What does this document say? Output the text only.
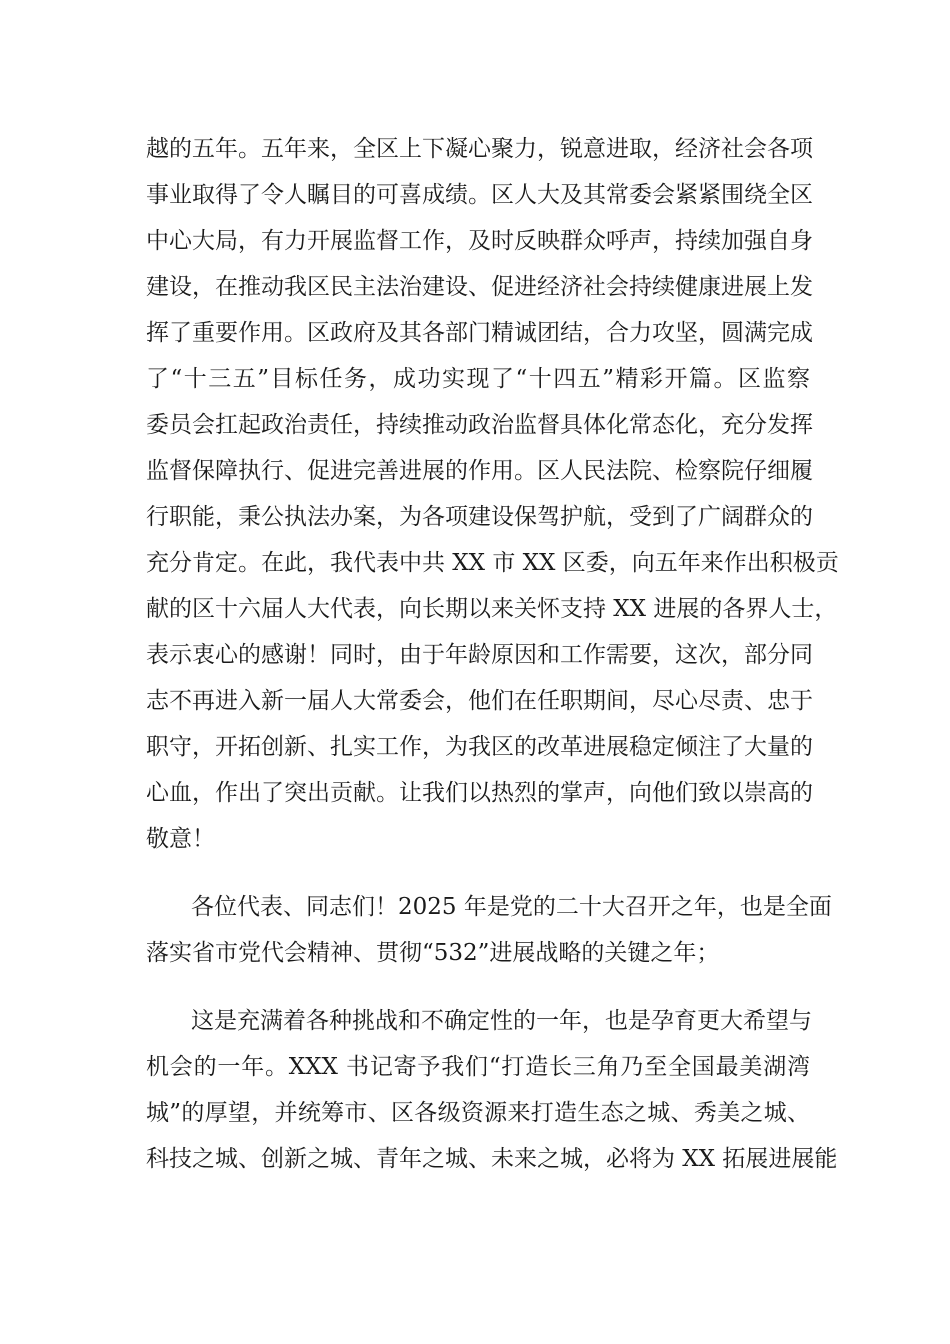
越的五年。五年来，全区上下凝心聚力，锐意进取，经济社会各项
事业取得了令人瞩目的可喜成绩。区人大及其常委会紧紧围绕全区
中心大局，有力开展监督工作，及时反映群众呼声，持续加强自身
建设，在推动我区民主法治建设、促进经济社会持续健康进展上发
挥了重要作用。区政府及其各部门精诚团结，合力攻坚，圆满完成
了“十三五”目标任务，成功实现了“十四五”精彩开篇。区监察
委员会扛起政治责任，持续推动政治监督具体化常态化，充分发挥
监督保障执行、促进完善进展的作用。区人民法院、检察院仔细履
行职能，秉公执法办案，为各项建设保驾护航，受到了广阔群众的
充分肯定。在此，我代表中共 XX 市 XX 区委，向五年来作出积极贡
献的区十六届人大代表，向长期以来关怀支持 XX 进展的各界人士，
表示衷心的感谢！同时，由于年龄原因和工作需要，这次，部分同
志不再进入新一届人大常委会，他们在任职期间，尽心尽责、忠于
职守，开拓创新、扎实工作，为我区的改革进展稳定倾注了大量的
心血，作出了突出贡献。让我们以热烈的掌声，向他们致以崇高的
敬意！
各位代表、同志们！2025 年是党的二十大召开之年，也是全面
落实省市党代会精神、贯彻“532”进展战略的关键之年；
这是充满着各种挑战和不确定性的一年，也是孕育更大希望与
机会的一年。XXX 书记寄予我们“打造长三角乃至全国最美湖湾
城”的厚望，并统筹市、区各级资源来打造生态之城、秀美之城、
科技之城、创新之城、青年之城、未来之城，必将为 XX 拓展进展能
